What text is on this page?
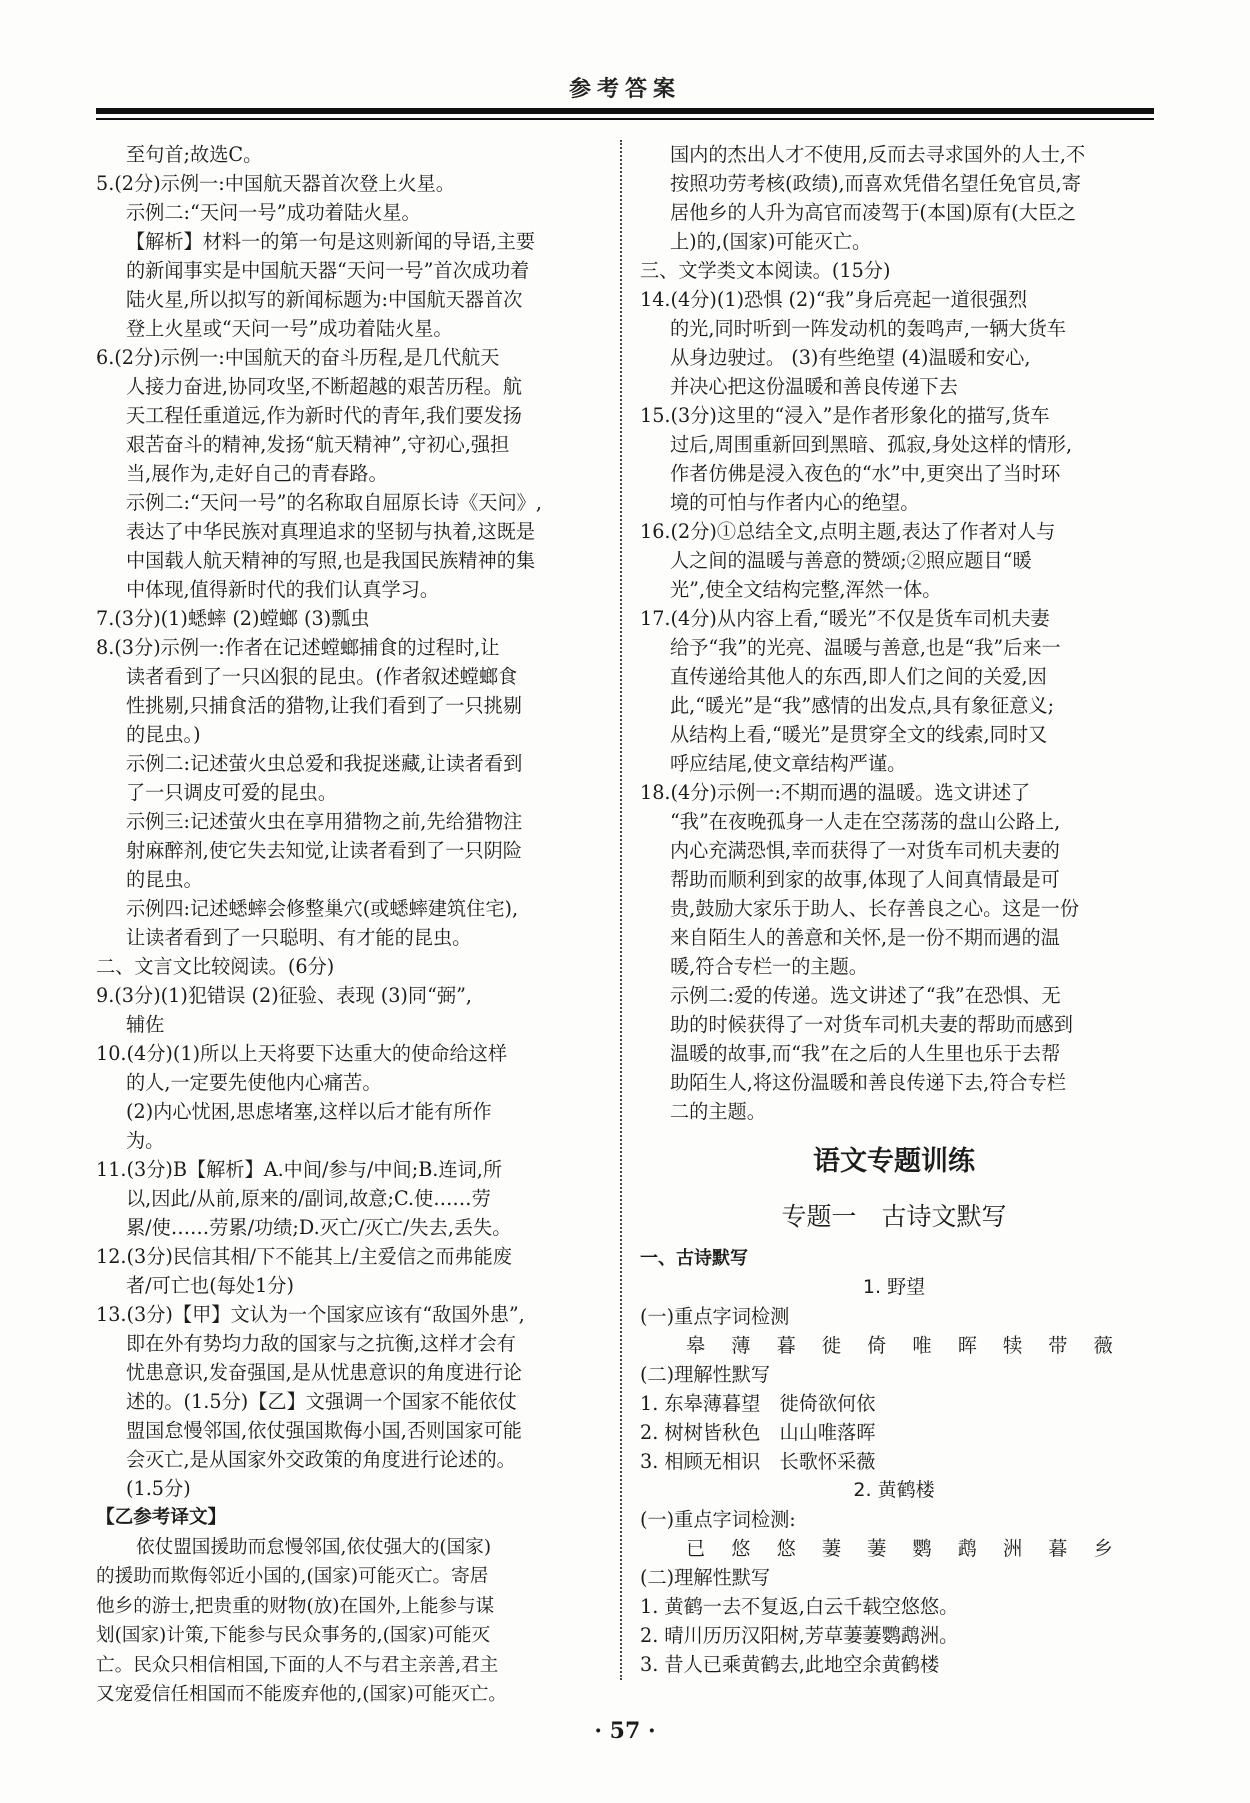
参考答案
至句首;故选C。
5.(2分)示例一:中国航天器首次登上火星。
示例二:“天问一号”成功着陆火星。
【解析】材料一的第一句是这则新闻的导语,主要
的新闻事实是中国航天器“天问一号”首次成功着
陆火星,所以拟写的新闻标题为:中国航天器首次
登上火星或“天问一号”成功着陆火星。
6.(2分)示例一:中国航天的奋斗历程,是几代航天
人接力奋进,协同攻坚,不断超越的艰苦历程。航
天工程任重道远,作为新时代的青年,我们要发扬
艰苦奋斗的精神,发扬“航天精神”,守初心,强担
当,展作为,走好自己的青春路。
示例二:“天问一号”的名称取自屈原长诗《天问》,
表达了中华民族对真理追求的坚韧与执着,这既是
中国载人航天精神的写照,也是我国民族精神的集
中体现,值得新时代的我们认真学习。
7.(3分)(1)蟋蟀 (2)螳螂 (3)瓢虫
8.(3分)示例一:作者在记述螳螂捕食的过程时,让
读者看到了一只凶狠的昆虫。(作者叙述螳螂食
性挑剔,只捕食活的猎物,让我们看到了一只挑剔
的昆虫。)
示例二:记述萤火虫总爱和我捉迷藏,让读者看到
了一只调皮可爱的昆虫。
示例三:记述萤火虫在享用猎物之前,先给猎物注
射麻醉剂,使它失去知觉,让读者看到了一只阴险
的昆虫。
示例四:记述蟋蟀会修整巢穴(或蟋蟀建筑住宅),
让读者看到了一只聪明、有才能的昆虫。
二、文言文比较阅读。(6分)
9.(3分)(1)犯错误 (2)征验、表现 (3)同“弼”,
辅佐
10.(4分)(1)所以上天将要下达重大的使命给这样
的人,一定要先使他内心痛苦。
(2)内心忧困,思虑堵塞,这样以后才能有所作
为。
11.(3分)B【解析】A.中间/参与/中间;B.连词,所
以,因此/从前,原来的/副词,故意;C.使……劳
累/使……劳累/功绩;D.灭亡/灭亡/失去,丢失。
12.(3分)民信其相/下不能其上/主爱信之而弗能废
者/可亡也(每处1分)
13.(3分)【甲】文认为一个国家应该有“敌国外患”,
即在外有势均力敌的国家与之抗衡,这样才会有
忧患意识,发奋强国,是从忧患意识的角度进行论
述的。(1.5分)【乙】文强调一个国家不能依仗
盟国怠慢邻国,依仗强国欺侮小国,否则国家可能
会灭亡,是从国家外交政策的角度进行论述的。
(1.5分)
【乙参考译文】
依仗盟国援助而怠慢邻国,依仗强大的(国家)
的援助而欺侮邻近小国的,(国家)可能灭亡。寄居
他乡的游士,把贵重的财物(放)在国外,上能参与谋
划(国家)计策,下能参与民众事务的,(国家)可能灭
亡。民众只相信相国,下面的人不与君主亲善,君主
又宠爱信任相国而不能废弃他的,(国家)可能灭亡。
国内的杰出人才不使用,反而去寻求国外的人士,不
按照功劳考核(政绩),而喜欢凭借名望任免官员,寄
居他乡的人升为高官而凌驾于(本国)原有(大臣之
上)的,(国家)可能灭亡。
三、文学类文本阅读。(15分)
14.(4分)(1)恐惧 (2)“我”身后亮起一道很强烈
的光,同时听到一阵发动机的轰鸣声,一辆大货车
从身边驶过。 (3)有些绝望 (4)温暖和安心,
并决心把这份温暖和善良传递下去
15.(3分)这里的“浸入”是作者形象化的描写,货车
过后,周围重新回到黑暗、孤寂,身处这样的情形,
作者仿佛是浸入夜色的“水”中,更突出了当时环
境的可怕与作者内心的绝望。
16.(2分)①总结全文,点明主题,表达了作者对人与
人之间的温暖与善意的赞颂;②照应题目“暖
光”,使全文结构完整,浑然一体。
17.(4分)从内容上看,“暖光”不仅是货车司机夫妻
给予“我”的光亮、温暖与善意,也是“我”后来一
直传递给其他人的东西,即人们之间的关爱,因
此,“暖光”是“我”感情的出发点,具有象征意义;
从结构上看,“暖光”是贯穿全文的线索,同时又
呼应结尾,使文章结构严谨。
18.(4分)示例一:不期而遇的温暖。选文讲述了
“我”在夜晚孤身一人走在空荡荡的盘山公路上,
内心充满恐惧,幸而获得了一对货车司机夫妻的
帮助而顺利到家的故事,体现了人间真情最是可
贵,鼓励大家乐于助人、长存善良之心。这是一份
来自陌生人的善意和关怀,是一份不期而遇的温
暖,符合专栏一的主题。
示例二:爱的传递。选文讲述了“我”在恐惧、无
助的时候获得了一对货车司机夫妻的帮助而感到
温暖的故事,而“我”在之后的人生里也乐于去帮
助陌生人,将这份温暖和善良传递下去,符合专栏
二的主题。
语文专题训练
专题一　古诗文默写
一、古诗默写
1. 野望
(一)重点字词检测
皋 薄 暮 徙 倚 唯 晖 犊 带 薇
(二)理解性默写
1. 东皋薄暮望　徙倚欲何依
2. 树树皆秋色　山山唯落晖
3. 相顾无相识　长歌怀采薇
2. 黄鹤楼
(一)重点字词检测:
已 悠 悠 萋 萋 鹦 鹉 洲 暮 乡
(二)理解性默写
1. 黄鹤一去不复返,白云千载空悠悠。
2. 晴川历历汉阳树,芳草萋萋鹦鹉洲。
3. 昔人已乘黄鹤去,此地空余黄鹤楼
· 57 ·
